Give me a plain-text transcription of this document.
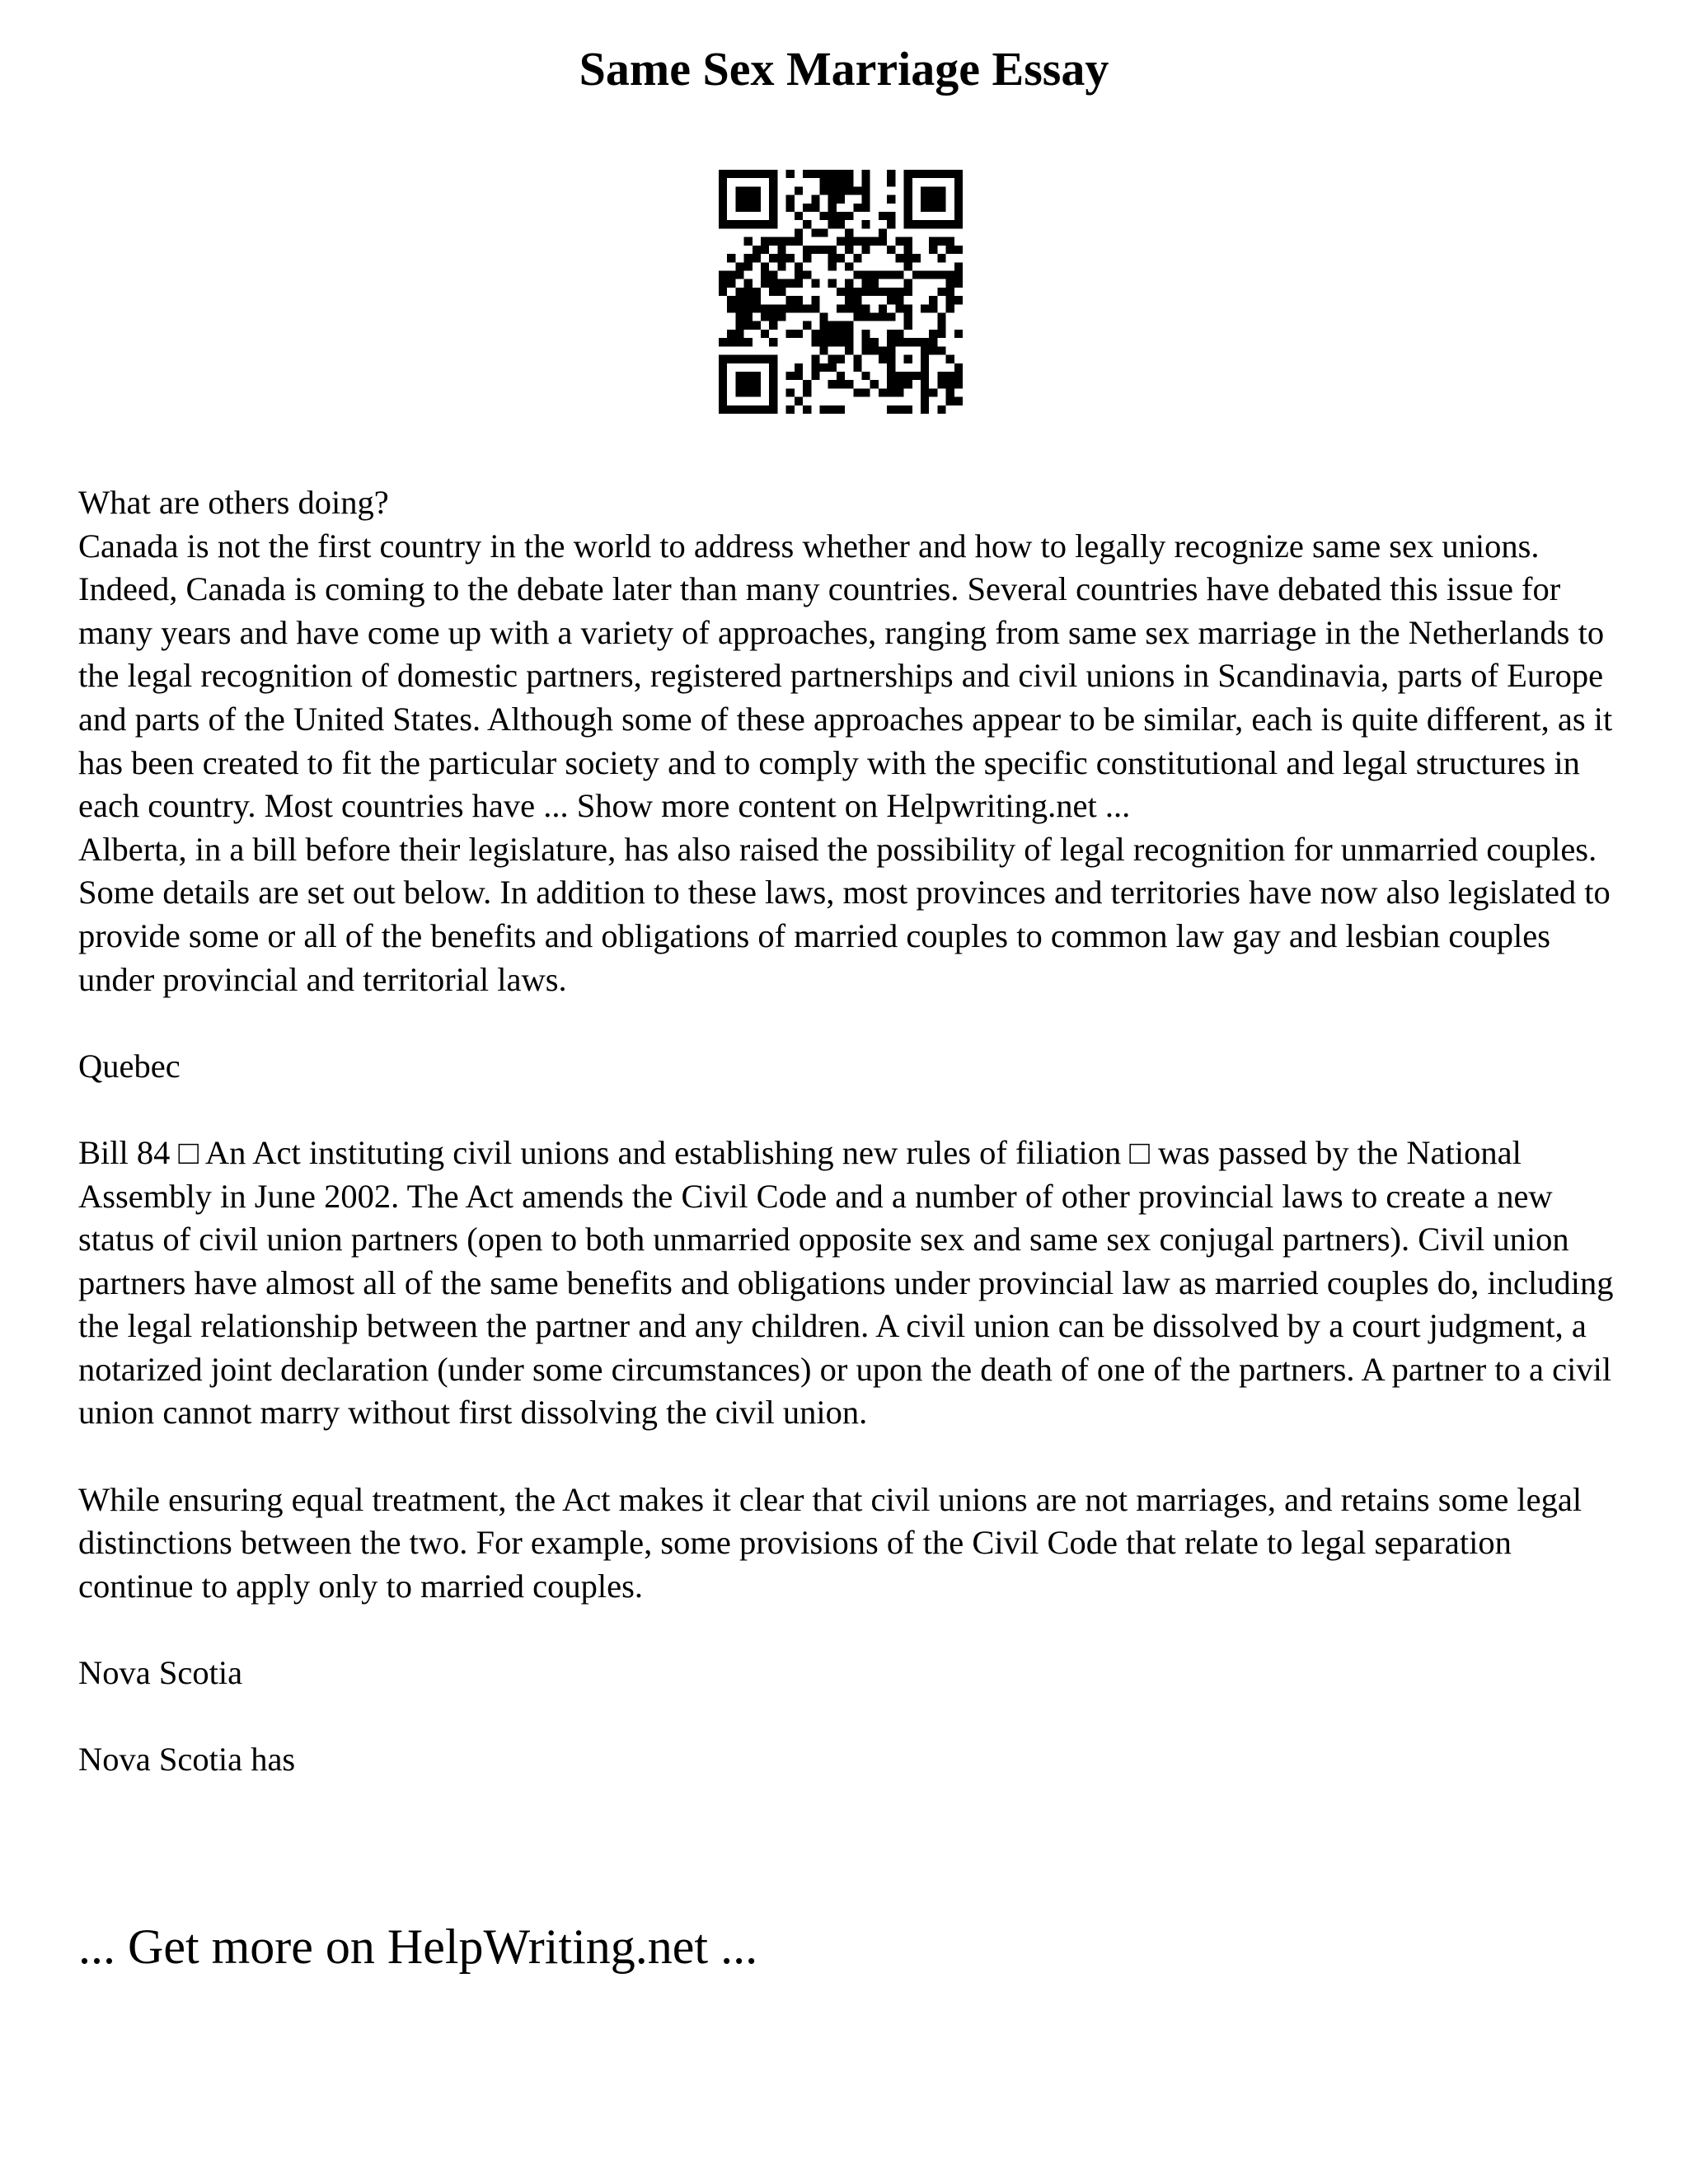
Same Sex Marriage Essay

What are others doing?

Canada is not the first country in the world to address whether and how to legally recognize same sex unions. Indeed, Canada is coming to the debate later than many countries. Several countries have debated this issue for many years and have come up with a variety of approaches, ranging from same sex marriage in the Netherlands to the legal recognition of domestic partners, registered partnerships and civil unions in Scandinavia, parts of Europe and parts of the United States. Although some of these approaches appear to be similar, each is quite different, as it has been created to fit the particular society and to comply with the specific constitutional and legal structures in each country. Most countries have ... Show more content on Helpwriting.net ...

Alberta, in a bill before their legislature, has also raised the possibility of legal recognition for unmarried couples. Some details are set out below. In addition to these laws, most provinces and territories have now also legislated to provide some or all of the benefits and obligations of married couples to common law gay and lesbian couples under provincial and territorial laws.

Quebec

Bill 84 □ An Act instituting civil unions and establishing new rules of filiation □ was passed by the National Assembly in June 2002. The Act amends the Civil Code and a number of other provincial laws to create a new status of civil union partners (open to both unmarried opposite sex and same sex conjugal partners). Civil union partners have almost all of the same benefits and obligations under provincial law as married couples do, including the legal relationship between the partner and any children. A civil union can be dissolved by a court judgment, a notarized joint declaration (under some circumstances) or upon the death of one of the partners. A partner to a civil union cannot marry without first dissolving the civil union.

While ensuring equal treatment, the Act makes it clear that civil unions are not marriages, and retains some legal distinctions between the two. For example, some provisions of the Civil Code that relate to legal separation continue to apply only to married couples.

Nova Scotia

Nova Scotia has

... Get more on HelpWriting.net ...
